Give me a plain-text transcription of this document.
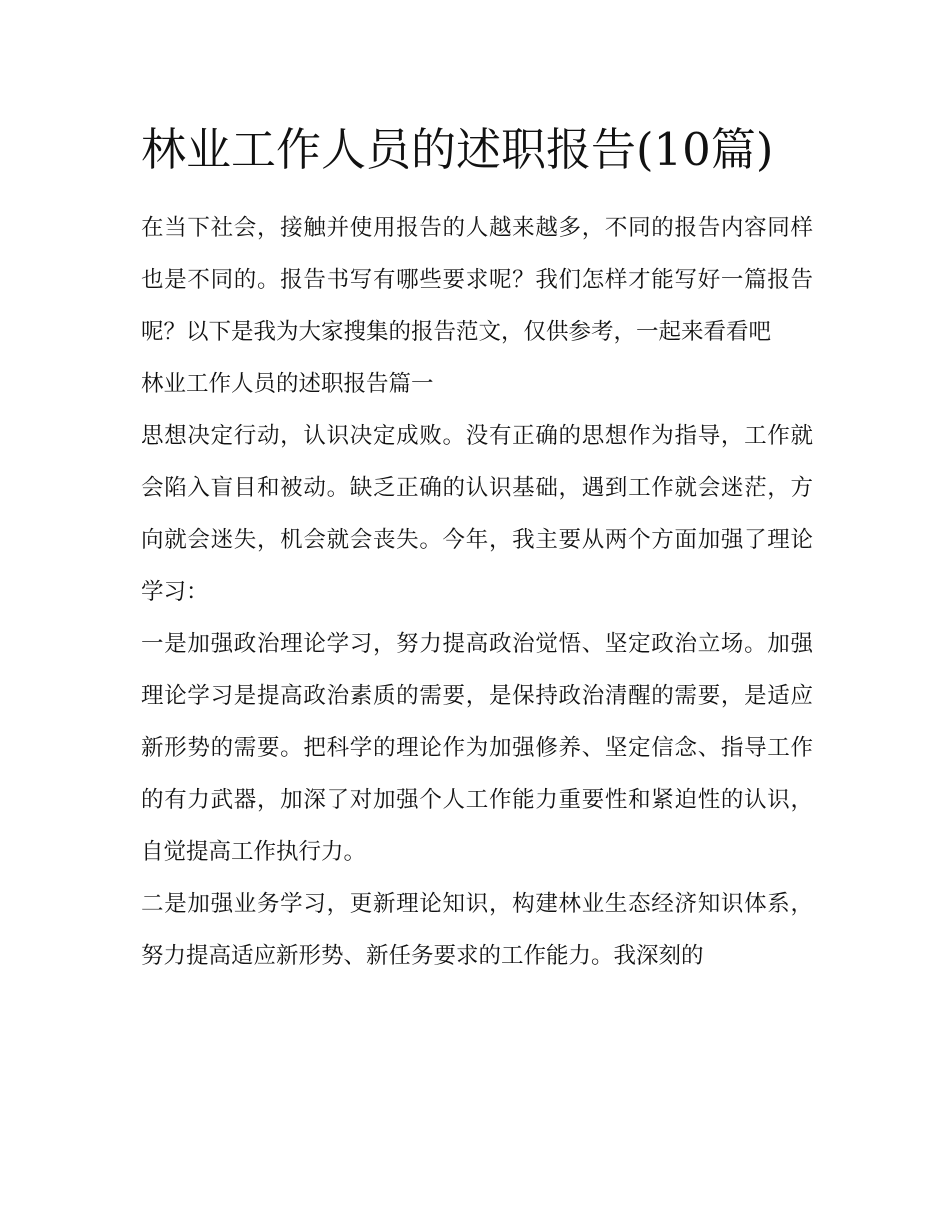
林业工作人员的述职报告(10篇)

在当下社会，接触并使用报告的人越来越多，不同的报告内容同样也是不同的。报告书写有哪些要求呢？我们怎样才能写好一篇报告呢？以下是我为大家搜集的报告范文，仅供参考，一起来看看吧

林业工作人员的述职报告篇一

思想决定行动，认识决定成败。没有正确的思想作为指导，工作就会陷入盲目和被动。缺乏正确的认识基础，遇到工作就会迷茫，方向就会迷失，机会就会丧失。今年，我主要从两个方面加强了理论学习：

一是加强政治理论学习，努力提高政治觉悟、坚定政治立场。加强理论学习是提高政治素质的需要，是保持政治清醒的需要，是适应新形势的需要。把科学的理论作为加强修养、坚定信念、指导工作的有力武器，加深了对加强个人工作能力重要性和紧迫性的认识，自觉提高工作执行力。

二是加强业务学习，更新理论知识，构建林业生态经济知识体系，努力提高适应新形势、新任务要求的工作能力。我深刻的
